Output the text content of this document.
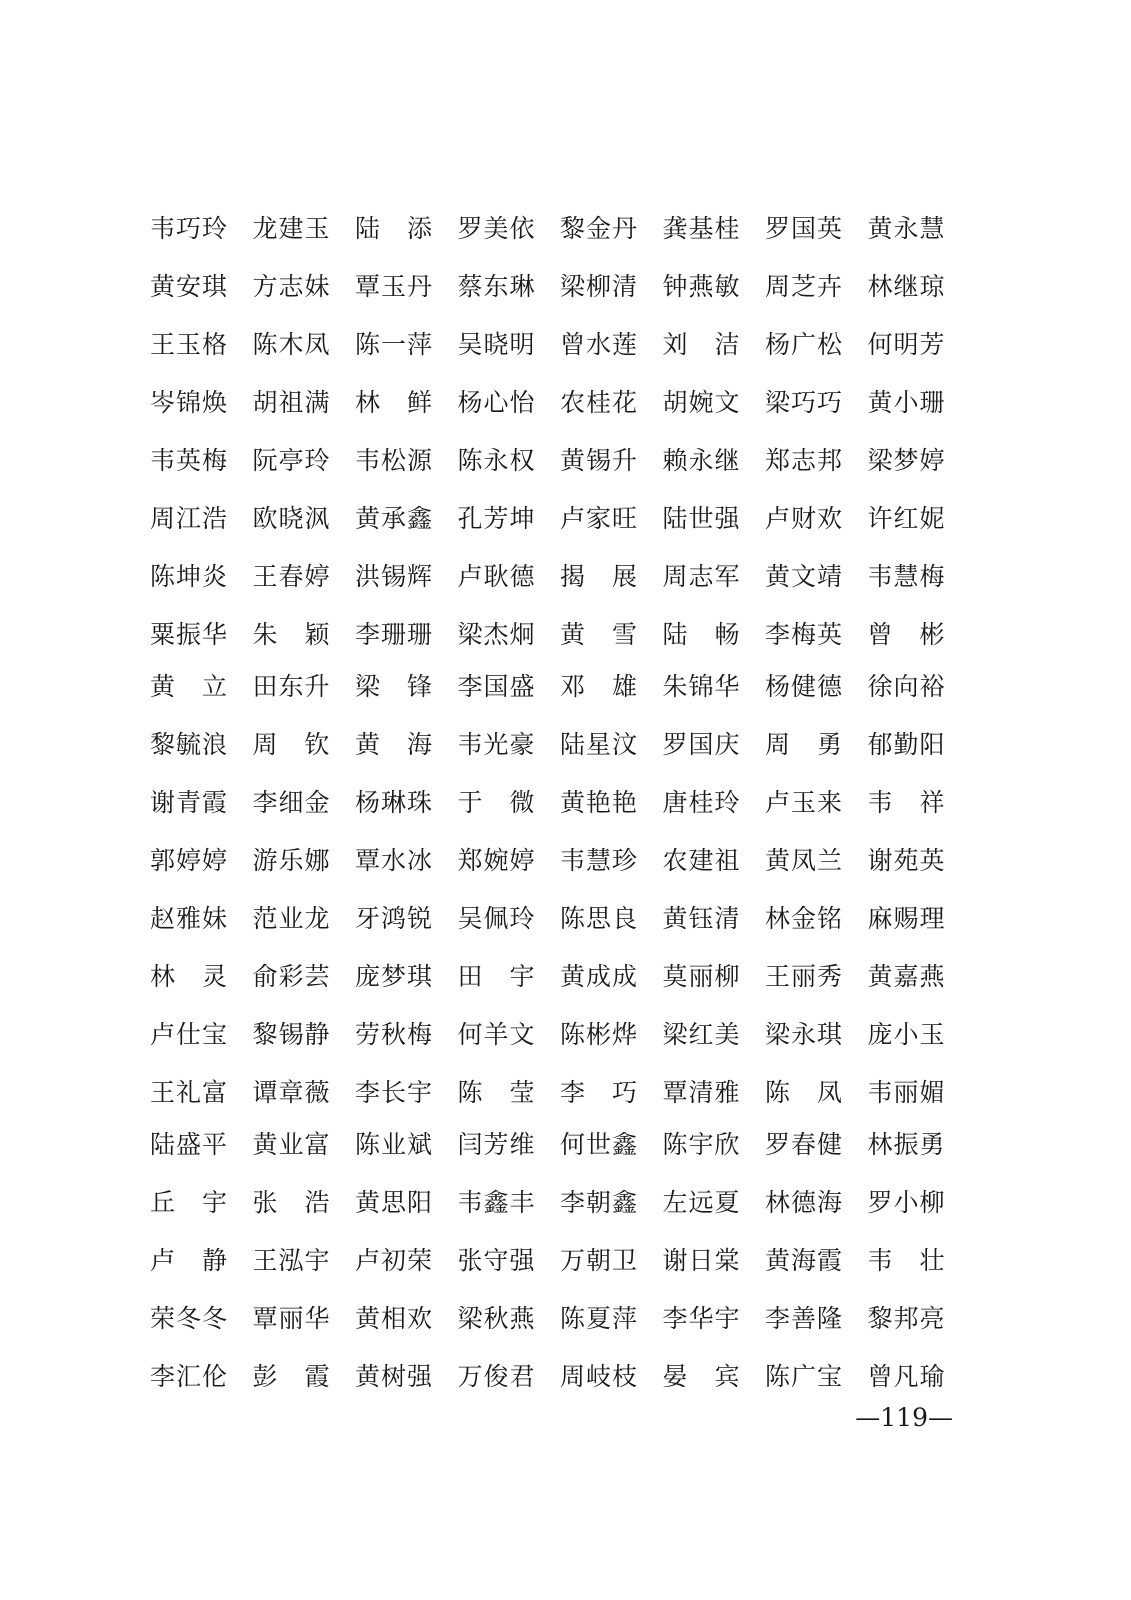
韦巧玲 龙建玉 陆　添 罗美依 黎金丹 龚基桂 罗国英 黄永慧
黄安琪 方志妹 覃玉丹 蔡东琳 梁柳清 钟燕敏 周芝卉 林继琼
王玉格 陈木凤 陈一萍 吴晓明 曾水莲 刘　洁 杨广松 何明芳
岑锦焕 胡祖满 林　鲜 杨心怡 农桂花 胡婉文 梁巧巧 黄小珊
韦英梅 阮亭玲 韦松源 陈永权 黄锡升 赖永继 郑志邦 梁梦婷
周江浩 欧晓沨 黄承鑫 孔芳坤 卢家旺 陆世强 卢财欢 许红妮
陈坤炎 王春婷 洪锡辉 卢耿德 揭　展 周志军 黄文靖 韦慧梅
粟振华 朱　颖 李珊珊 梁杰炯 黄　雪 陆　畅 李梅英 曾　彬
黄　立 田东升 梁　锋 李国盛 邓　雄 朱锦华 杨健德 徐向裕
黎毓浪 周　钦 黄　海 韦光豪 陆星汶 罗国庆 周　勇 郁勤阳
谢青霞 李细金 杨琳珠 于　微 黄艳艳 唐桂玲 卢玉来 韦　祥
郭婷婷 游乐娜 覃水冰 郑婉婷 韦慧珍 农建祖 黄凤兰 谢苑英
赵雅妹 范业龙 牙鸿锐 吴佩玲 陈思良 黄钰清 林金铭 麻赐理
林　灵 俞彩芸 庞梦琪 田　宇 黄成成 莫丽柳 王丽秀 黄嘉燕
卢仕宝 黎锡静 劳秋梅 何羊文 陈彬烨 梁红美 梁永琪 庞小玉
王礼富 谭章薇 李长宇 陈　莹 李　巧 覃清雅 陈　凤 韦丽媚
陆盛平 黄业富 陈业斌 闫芳维 何世鑫 陈宇欣 罗春健 林振勇
丘　宇 张　浩 黄思阳 韦鑫丰 李朝鑫 左远夏 林德海 罗小柳
卢　静 王泓宇 卢初荣 张守强 万朝卫 谢日棠 黄海霞 韦　壮
荣冬冬 覃丽华 黄相欢 梁秋燕 陈夏萍 李华宇 李善隆 黎邦亮
李汇伦 彭　霞 黄树强 万俊君 周岐枝 晏　宾 陈广宝 曾凡瑜
—119—
